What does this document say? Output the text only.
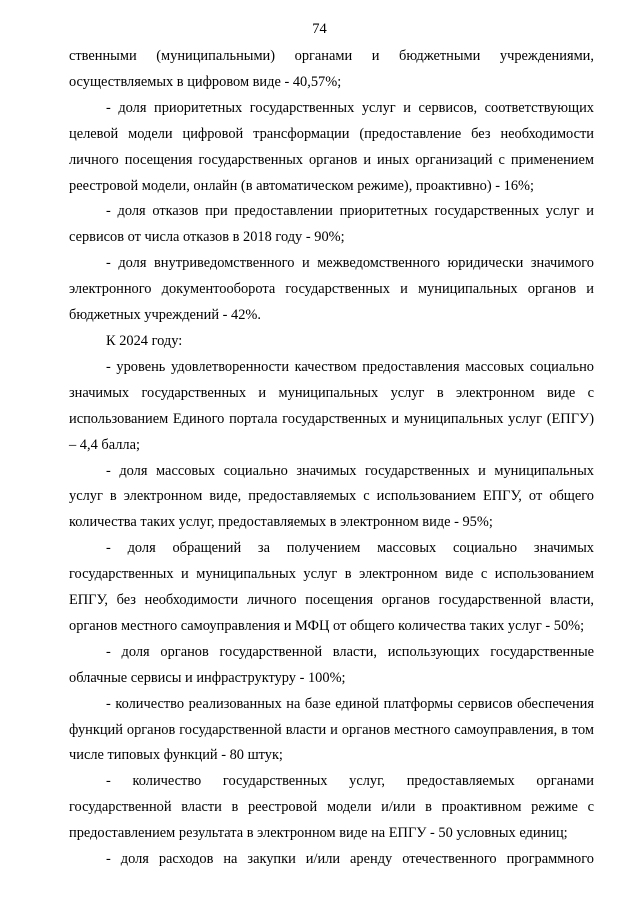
74

ственными (муниципальными) органами и бюджетными учреждениями, осуществляемых в цифровом виде - 40,57%;

- доля приоритетных государственных услуг и сервисов, соответствующих целевой модели цифровой трансформации (предоставление без необходимости личного посещения государственных органов и иных организаций с применением реестровой модели, онлайн (в автоматическом режиме), проактивно) - 16%;

- доля отказов при предоставлении приоритетных государственных услуг и сервисов от числа отказов в 2018 году - 90%;

- доля внутриведомственного и межведомственного юридически значимого электронного документооборота государственных и муниципальных органов и бюджетных учреждений - 42%.

К 2024 году:

- уровень удовлетворенности качеством предоставления массовых социально значимых государственных и муниципальных услуг в электронном виде с использованием Единого портала государственных и муниципальных услуг (ЕПГУ) – 4,4 балла;

- доля массовых социально значимых государственных и муниципальных услуг в электронном виде, предоставляемых с использованием ЕПГУ, от общего количества таких услуг, предоставляемых в электронном виде - 95%;

- доля обращений за получением массовых социально значимых государственных и муниципальных услуг в электронном виде с использованием ЕПГУ, без необходимости личного посещения органов государственной власти, органов местного самоуправления и МФЦ от общего количества таких услуг - 50%;

- доля органов государственной власти, использующих государственные облачные сервисы и инфраструктуру - 100%;

- количество реализованных на базе единой платформы сервисов обеспечения функций органов государственной власти и органов местного самоуправления, в том числе типовых функций - 80 штук;

- количество государственных услуг, предоставляемых органами государственной власти в реестровой модели и/или в проактивном режиме с предоставлением результата в электронном виде на ЕПГУ - 50 условных единиц;

- доля расходов на закупки и/или аренду отечественного программного
